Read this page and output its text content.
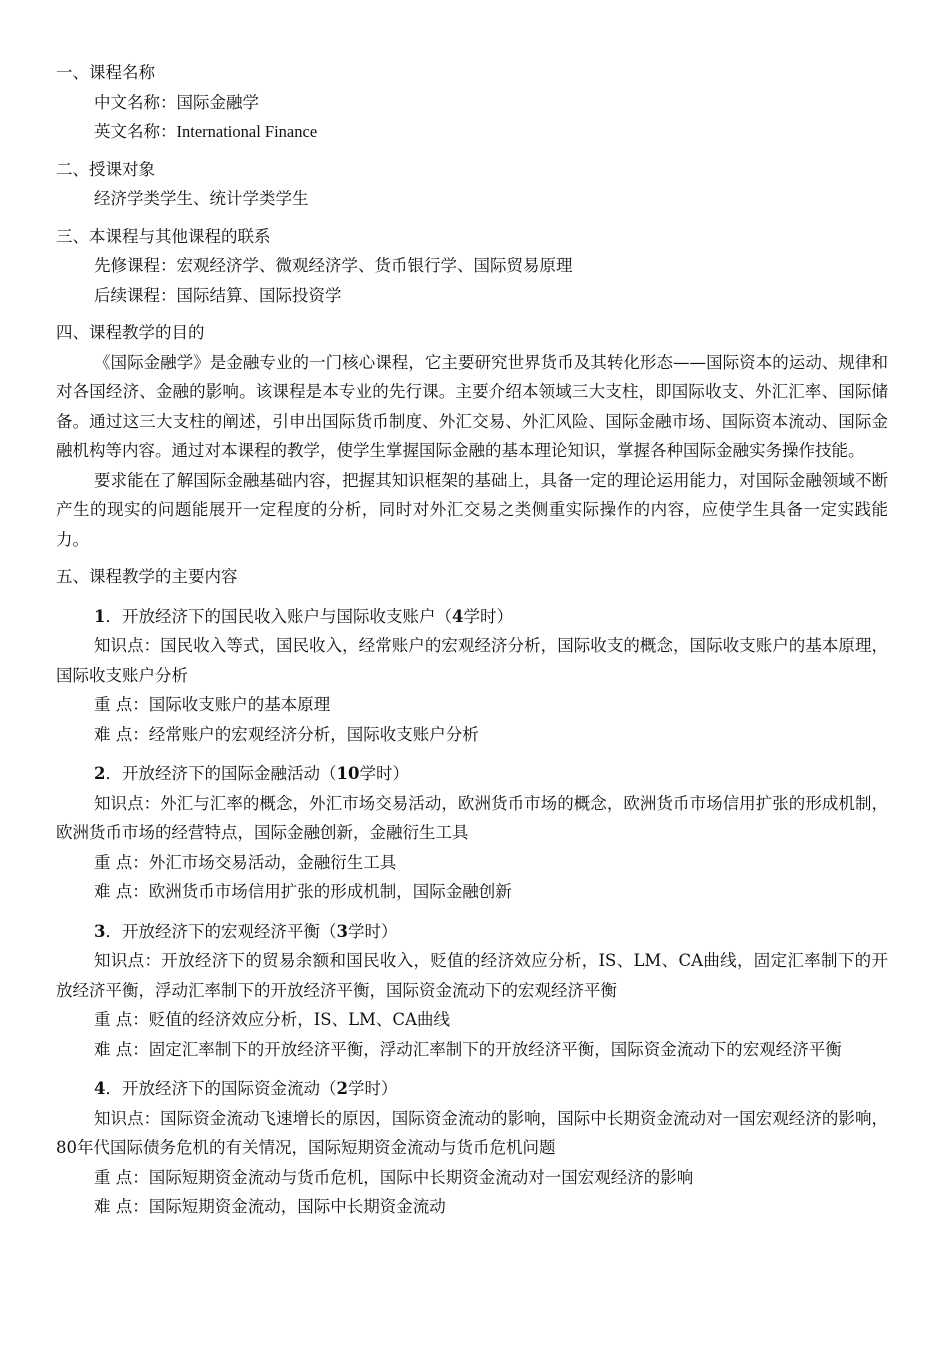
一、课程名称

中文名称：国际金融学

英文名称：International Finance

二、授课对象

经济学类学生、统计学类学生

三、本课程与其他课程的联系

先修课程：宏观经济学、微观经济学、货币银行学、国际贸易原理

后续课程：国际结算、国际投资学

四、课程教学的目的

《国际金融学》是金融专业的一门核心课程，它主要研究世界货币及其转化形态——国际资本的运动、规律和对各国经济、金融的影响。该课程是本专业的先行课。主要介绍本领域三大支柱，即国际收支、外汇汇率、国际储备。通过这三大支柱的阐述，引申出国际货币制度、外汇交易、外汇风险、国际金融市场、国际资本流动、国际金融机构等内容。通过对本课程的教学，使学生掌握国际金融的基本理论知识，掌握各种国际金融实务操作技能。

要求能在了解国际金融基础内容，把握其知识框架的基础上，具备一定的理论运用能力，对国际金融领域不断产生的现实的问题能展开一定程度的分析，同时对外汇交易之类侧重实际操作的内容，应使学生具备一定实践能力。

五、课程教学的主要内容

1．开放经济下的国民收入账户与国际收支账户（4学时）

知识点：国民收入等式，国民收入，经常账户的宏观经济分析，国际收支的概念，国际收支账户的基本原理，国际收支账户分析

重 点：国际收支账户的基本原理

难 点：经常账户的宏观经济分析，国际收支账户分析

2．开放经济下的国际金融活动（10学时）

知识点：外汇与汇率的概念，外汇市场交易活动，欧洲货币市场的概念，欧洲货币市场信用扩张的形成机制，欧洲货币市场的经营特点，国际金融创新，金融衍生工具

重 点：外汇市场交易活动，金融衍生工具

难 点：欧洲货币市场信用扩张的形成机制，国际金融创新

3．开放经济下的宏观经济平衡（3学时）

知识点：开放经济下的贸易余额和国民收入，贬值的经济效应分析，IS、LM、CA曲线，固定汇率制下的开放经济平衡，浮动汇率制下的开放经济平衡，国际资金流动下的宏观经济平衡

重 点：贬值的经济效应分析，IS、LM、CA曲线

难 点：固定汇率制下的开放经济平衡，浮动汇率制下的开放经济平衡，国际资金流动下的宏观经济平衡

4．开放经济下的国际资金流动（2学时）

知识点：国际资金流动飞速增长的原因，国际资金流动的影响，国际中长期资金流动对一国宏观经济的影响，80年代国际债务危机的有关情况，国际短期资金流动与货币危机问题

重 点：国际短期资金流动与货币危机，国际中长期资金流动对一国宏观经济的影响

难 点：国际短期资金流动，国际中长期资金流动
